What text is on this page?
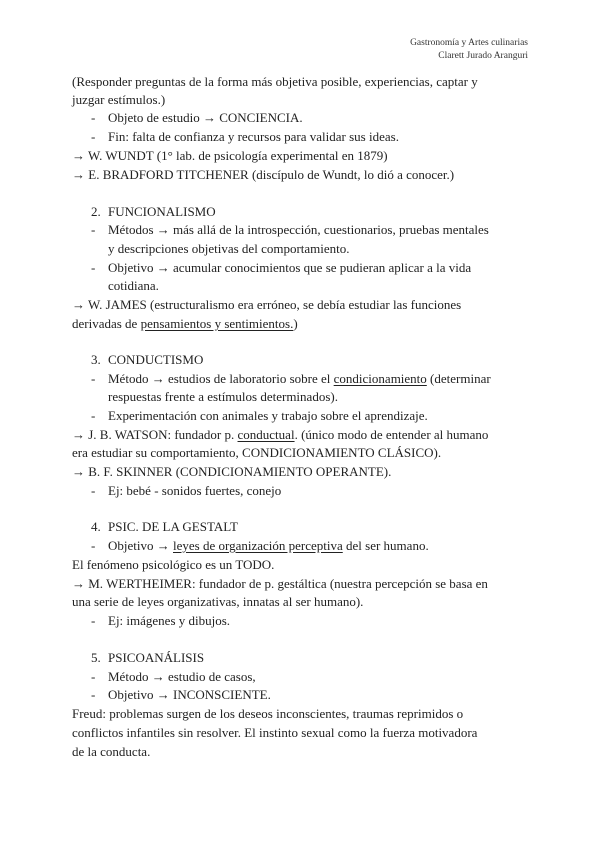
Gastronomía y Artes culinarias
Clarett Jurado Aranguri
(Responder preguntas de la forma más objetiva posible, experiencias, captar y
juzgar estímulos.)
- Objeto de estudio → CONCIENCIA.
- Fin: falta de confianza y recursos para validar sus ideas.
→ W. WUNDT (1° lab. de psicología experimental en 1879)
→ E. BRADFORD TITCHENER (discípulo de Wundt, lo dió a conocer.)
2. FUNCIONALISMO
- Métodos → más allá de la introspección, cuestionarios, pruebas mentales
y descripciones objetivas del comportamiento.
- Objetivo → acumular conocimientos que se pudieran aplicar a la vida
cotidiana.
→ W. JAMES (estructuralismo era erróneo, se debía estudiar las funciones
derivadas de pensamientos y sentimientos.)
3. CONDUCTISMO
- Método → estudios de laboratorio sobre el condicionamiento (determinar
respuestas frente a estímulos determinados).
- Experimentación con animales y trabajo sobre el aprendizaje.
→ J. B. WATSON: fundador p. conductual. (único modo de entender al humano
era estudiar su comportamiento, CONDICIONAMIENTO CLÁSICO).
→ B. F. SKINNER (CONDICIONAMIENTO OPERANTE).
- Ej: bebé - sonidos fuertes, conejo
4. PSIC. DE LA GESTALT
- Objetivo → leyes de organización perceptiva del ser humano.
El fenómeno psicológico es un TODO.
→ M. WERTHEIMER: fundador de p. gestáltica (nuestra percepción se basa en
una serie de leyes organizativas, innatas al ser humano).
- Ej: imágenes y dibujos.
5. PSICOANÁLISIS
- Método → estudio de casos,
- Objetivo → INCONSCIENTE.
Freud: problemas surgen de los deseos inconscientes, traumas reprimidos o
conflictos infantiles sin resolver. El instinto sexual como la fuerza motivadora
de la conducta.
